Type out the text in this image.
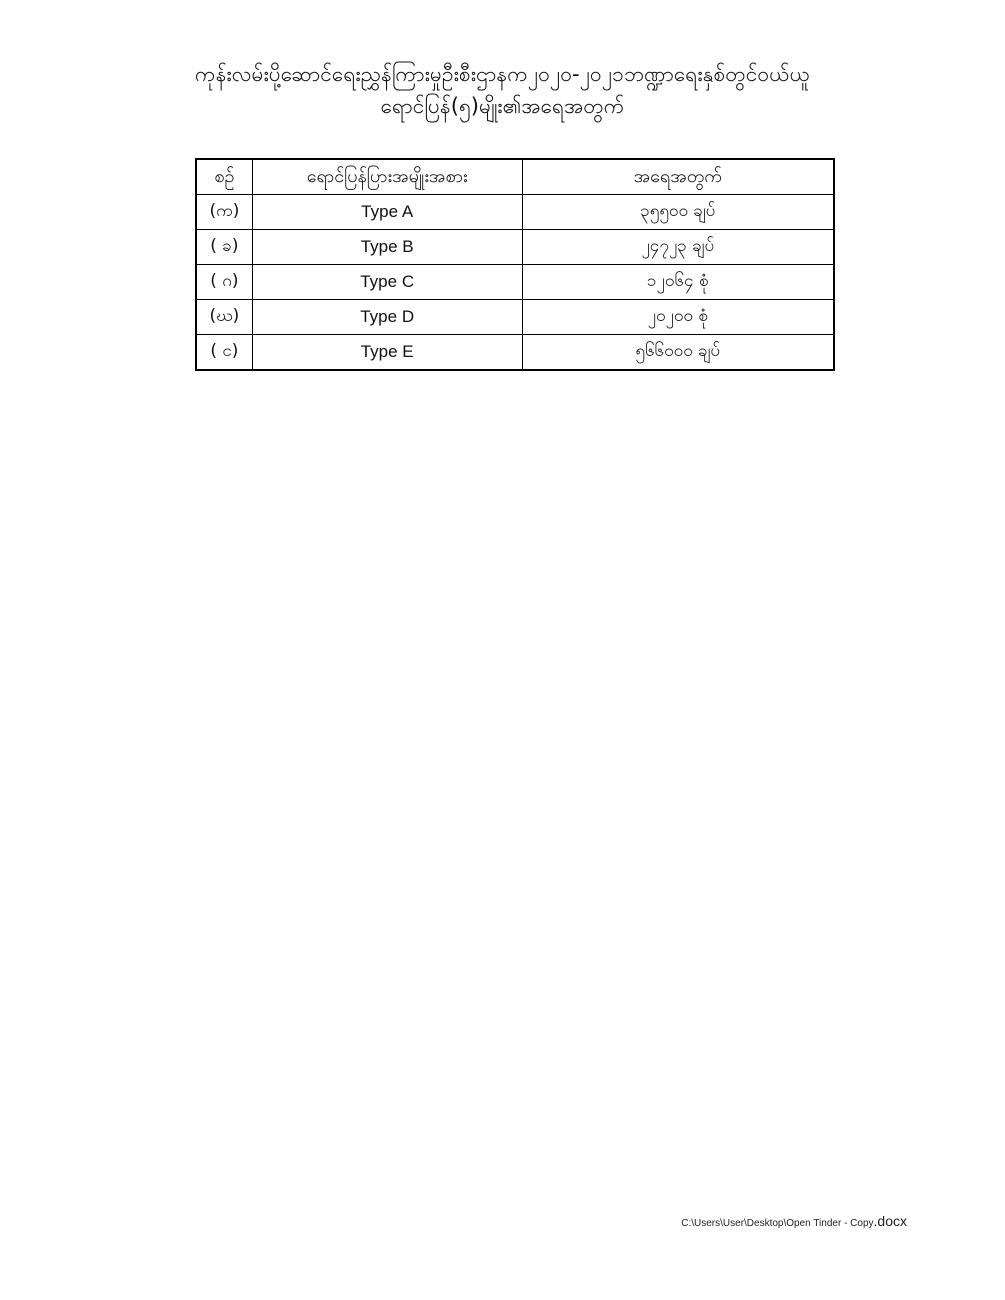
ကုန်းလမ်းပို့ဆောင်ရေးညွှန်ကြားမှုဦးစီးဌာနက၂၀၂၀-၂၀၂၁ဘဏ္ဍာရေးနှစ်တွင်ဝယ်ယူ
ရောင်ပြန်(၅)မျိုး၏အရေအတွက်
စဉ်	ရောင်ပြန်ပြားအမျိုးအစား	အရေအတွက်
(က)	Type A	၃၅၅၀၀ ချပ်
( ခ)	Type B	၂၄၇၂၃ ချပ်
( ဂ)	Type C	၁၂၀၆၄ စုံ
(ဃ)	Type D	၂၀၂၀၀ စုံ
( င)	Type E	၅၆၆၀၀၀ ချပ်
C:\Users\User\Desktop\Open Tinder - Copy.docx
